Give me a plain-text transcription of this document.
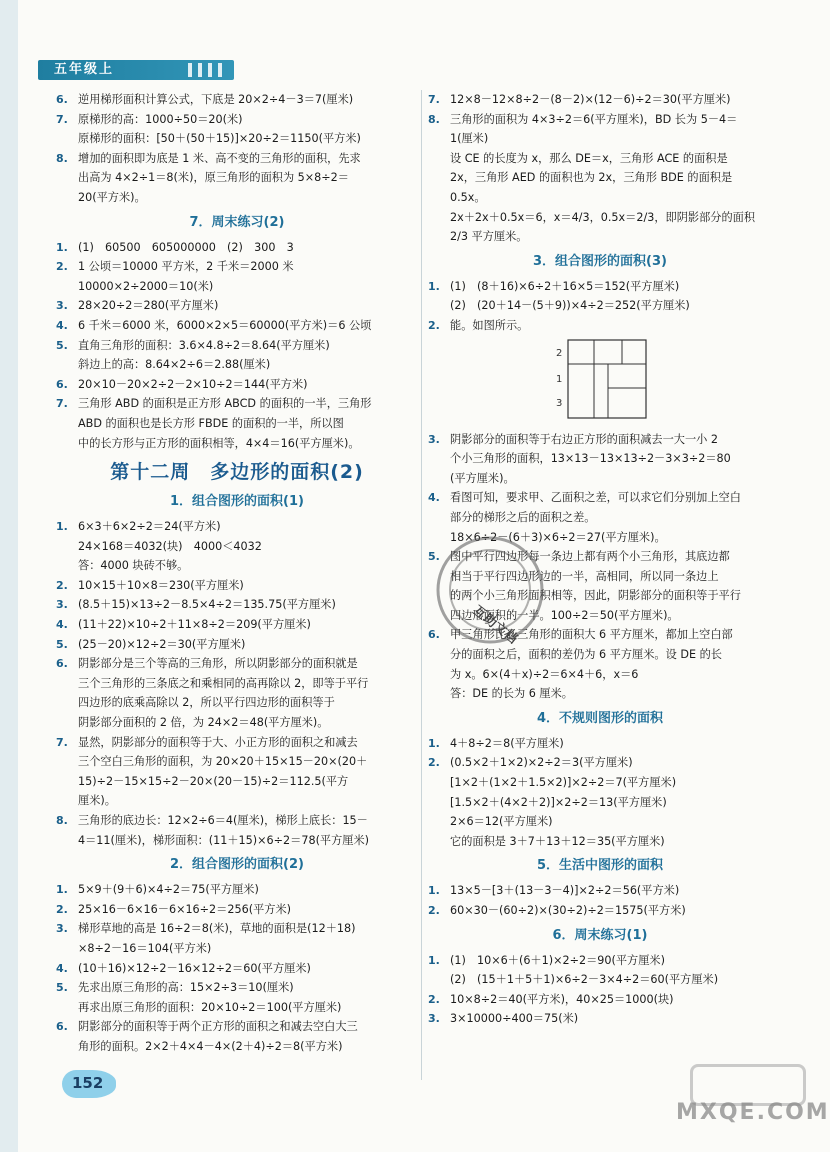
五年级上
6. 逆用梯形面积计算公式，下底是 20×2÷4－3＝7(厘米)
7. 原梯形的高：1000÷50＝20(米)
原梯形的面积：[50＋(50＋15)]×20÷2＝1150(平方米)
8. 增加的面积即为底是 1 米、高不变的三角形的面积，先求
出高为 4×2÷1＝8(米)，原三角形的面积为 5×8÷2＝
20(平方米)。
7．周末练习(2)
1. (1)　60500　605000000　(2)　300　3
2. 1 公顷＝10000 平方米，2 千米＝2000 米
10000×2÷2000＝10(米)
3. 28×20÷2＝280(平方厘米)
4. 6 千米＝6000 米，6000×2×5＝60000(平方米)＝6 公顷
5. 直角三角形的面积：3.6×4.8÷2＝8.64(平方厘米)
斜边上的高：8.64×2÷6＝2.88(厘米)
6. 20×10－20×2÷2－2×10÷2＝144(平方米)
7. 三角形 ABD 的面积是正方形 ABCD 的面积的一半，三角形
ABD 的面积也是长方形 FBDE 的面积的一半，所以图
中的长方形与正方形的面积相等，4×4＝16(平方厘米)。
第十二周　多边形的面积(2)
1．组合图形的面积(1)
1. 6×3＋6×2÷2＝24(平方米)
24×168＝4032(块)　4000＜4032
答：4000 块砖不够。
2. 10×15＋10×8＝230(平方厘米)
3. (8.5＋15)×13÷2－8.5×4÷2＝135.75(平方厘米)
4. (11＋22)×10÷2＋11×8÷2＝209(平方厘米)
5. (25－20)×12÷2＝30(平方厘米)
6. 阴影部分是三个等高的三角形，所以阴影部分的面积就是
三个三角形的三条底之和乘相同的高再除以 2，即等于平行
四边形的底乘高除以 2，所以平行四边形的面积等于
阴影部分面积的 2 倍，为 24×2＝48(平方厘米)。
7. 显然，阴影部分的面积等于大、小正方形的面积之和减去
三个空白三角形的面积，为 20×20＋15×15－20×(20＋
15)÷2－15×15÷2－20×(20－15)÷2＝112.5(平方
厘米)。
8. 三角形的底边长：12×2÷6＝4(厘米)，梯形上底长：15－
4＝11(厘米)，梯形面积：(11＋15)×6÷2＝78(平方厘米)
2．组合图形的面积(2)
1. 5×9＋(9＋6)×4÷2＝75(平方厘米)
2. 25×16－6×16－6×16÷2＝256(平方米)
3. 梯形草地的高是 16÷2＝8(米)，草地的面积是(12＋18)
×8÷2－16＝104(平方米)
4. (10＋16)×12÷2－16×12÷2＝60(平方厘米)
5. 先求出原三角形的高：15×2÷3＝10(厘米)
再求出原三角形的面积：20×10÷2＝100(平方厘米)
6. 阴影部分的面积等于两个正方形的面积之和减去空白大三
角形的面积。2×2＋4×4－4×(2＋4)÷2＝8(平方米)
7. 12×8－12×8÷2－(8－2)×(12－6)÷2＝30(平方厘米)
8. 三角形的面积为 4×3÷2＝6(平方厘米)，BD 长为 5－4＝
1(厘米)
设 CE 的长度为 x，那么 DE＝x，三角形 ACE 的面积是
2x，三角形 AED 的面积也为 2x，三角形 BDE 的面积是
0.5x。
2x＋2x＋0.5x＝6，x＝4/3，0.5x＝2/3，即阴影部分的面积
2/3 平方厘米。
3．组合图形的面积(3)
1. (1)　(8＋16)×6÷2＋16×5＝152(平方厘米)
(2)　(20＋14－(5＋9))×4÷2＝252(平方厘米)
2. 能。如图所示。
2
1
3
3. 阴影部分的面积等于右边正方形的面积减去一大一小 2
个小三角形的面积，13×13－13×13÷2－3×3÷2＝80
(平方厘米)。
4. 看图可知，要求甲、乙面积之差，可以求它们分别加上空白
部分的梯形之后的面积之差。
18×6÷2－(6＋3)×6÷2＝27(平方厘米)。
5. 图中平行四边形每一条边上都有两个小三角形，其底边都
相当于平行四边形边的一半，高相同，所以同一条边上
的两个小三角形面积相等，因此，阴影部分的面积等于平行
四边形面积的一半。100÷2＝50(平方厘米)。
6. 甲三角形比乙三角形的面积大 6 平方厘米，都加上空白部
分的面积之后，面积的差仍为 6 平方厘米。设 DE 的长
为 x。6×(4＋x)÷2＝6×4＋6，x＝6
答：DE 的长为 6 厘米。
4．不规则图形的面积
1. 4＋8÷2＝8(平方厘米)
2. (0.5×2＋1×2)×2÷2＝3(平方厘米)
[1×2＋(1×2＋1.5×2)]×2÷2＝7(平方厘米)
[1.5×2＋(4×2＋2)]×2÷2＝13(平方厘米)
2×6＝12(平方厘米)
它的面积是 3＋7＋13＋12＝35(平方厘米)
5．生活中图形的面积
1. 13×5－[3＋(13－3－4)]×2÷2＝56(平方米)
2. 60×30－(60÷2)×(30÷2)÷2＝1575(平方米)
6．周末练习(1)
1. (1)　10×6＋(6＋1)×2÷2＝90(平方厘米)
(2)　(15＋1＋5＋1)×6÷2－3×4÷2＝60(平方厘米)
2. 10×8÷2＝40(平方米)，40×25＝1000(块)
3. 3×10000÷400＝75(米)
互助文档
152
MXQE.COM
